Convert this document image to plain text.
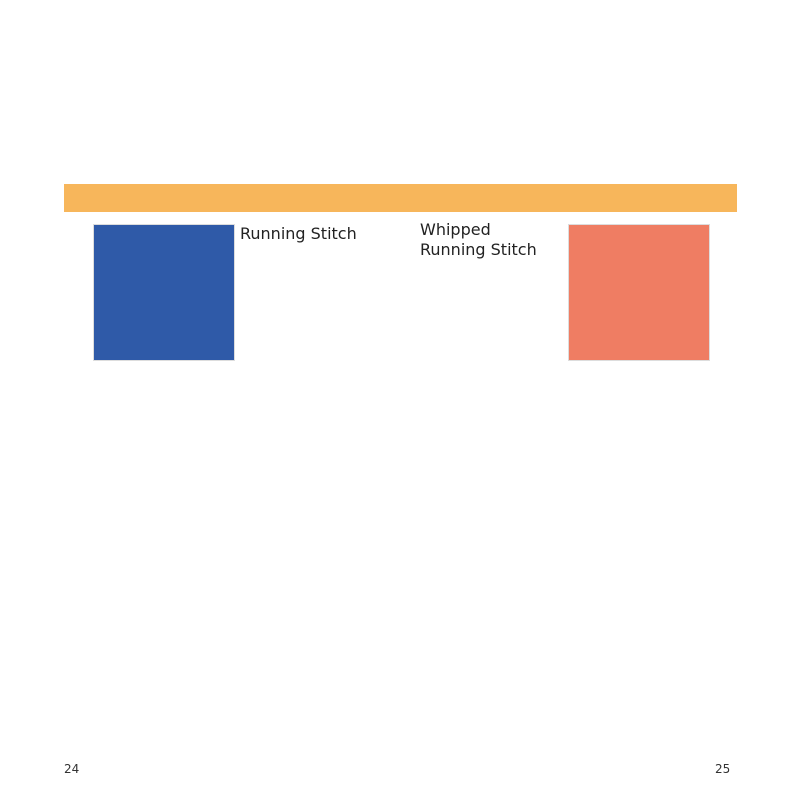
Running Stitch	Whipped
Running Stitch
24	25
